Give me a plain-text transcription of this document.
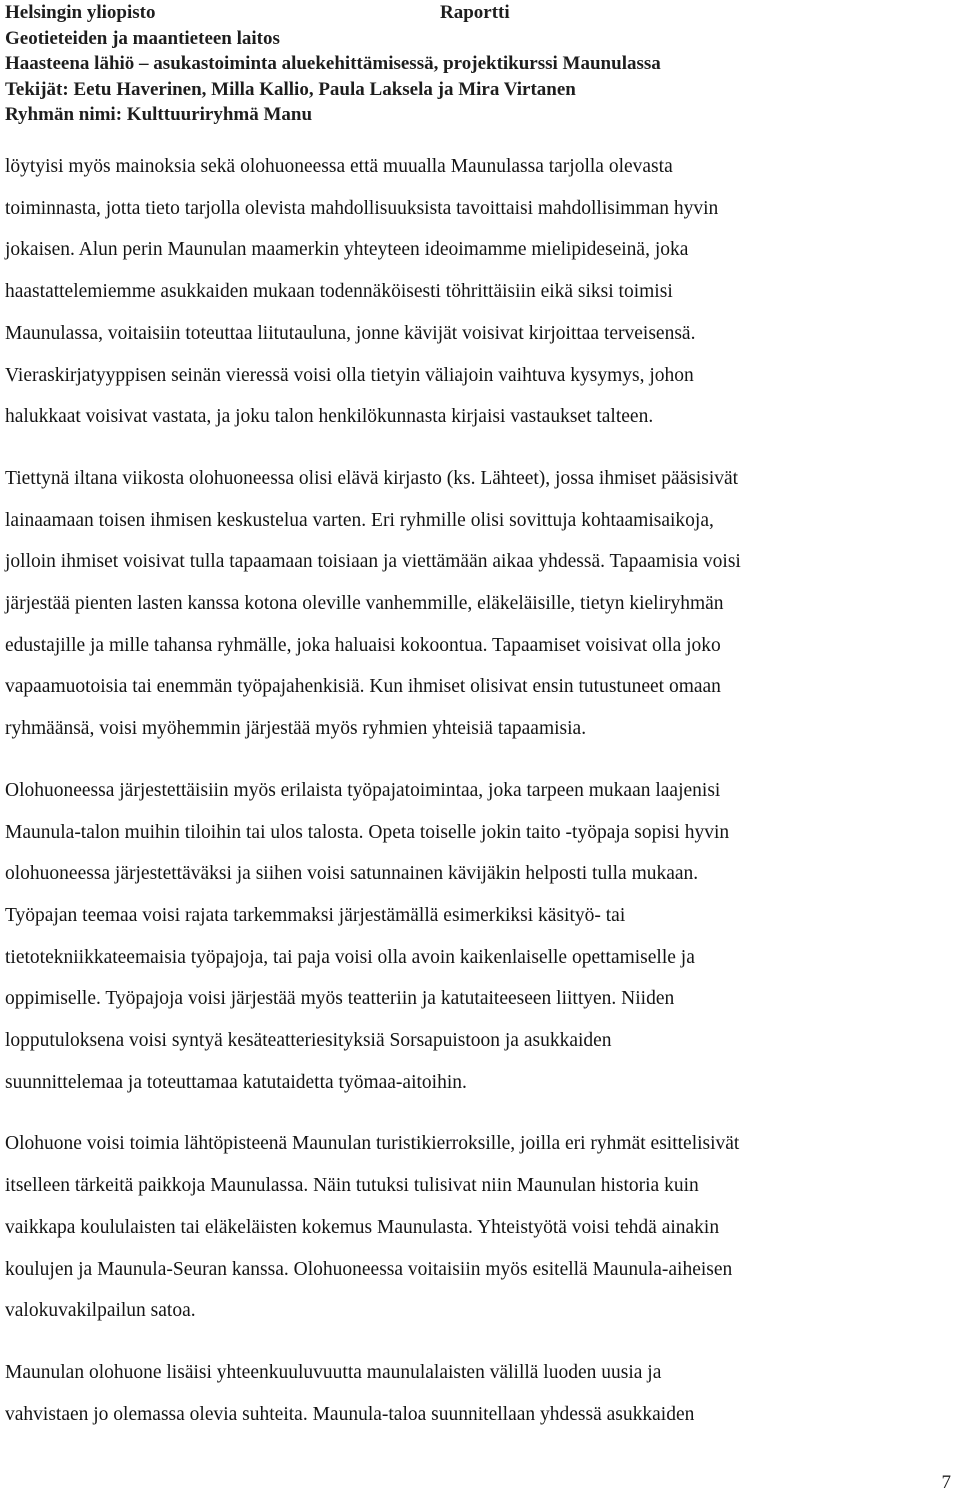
Helsingin yliopisto	Raportti
Geotieteiden ja maantieteen laitos
Haasteena lähiö – asukastoiminta aluekehittämisessä, projektikurssi Maunulassa
Tekijät: Eetu Haverinen, Milla Kallio, Paula Laksela ja Mira Virtanen
Ryhmän nimi: Kulttuuriryhmä Manu

löytyisi myös mainoksia sekä olohuoneessa että muualla Maunulassa tarjolla olevasta
toiminnasta, jotta tieto tarjolla olevista mahdollisuuksista tavoittaisi mahdollisimman hyvin
jokaisen. Alun perin Maunulan maamerkin yhteyteen ideoimamme mielipideseinä, joka
haastattelemiemme asukkaiden mukaan todennäköisesti töhrittäisiin eikä siksi toimisi
Maunulassa, voitaisiin toteuttaa liitutauluna, jonne kävijät voisivat kirjoittaa terveisensä.
Vieraskirjatyyppisen seinän vieressä voisi olla tietyin väliajoin vaihtuva kysymys, johon
halukkaat voisivat vastata, ja joku talon henkilökunnasta kirjaisi vastaukset talteen.

Tiettynä iltana viikosta olohuoneessa olisi elävä kirjasto (ks. Lähteet), jossa ihmiset pääsisivät
lainaamaan toisen ihmisen keskustelua varten. Eri ryhmille olisi sovittuja kohtaamisaikoja,
jolloin ihmiset voisivat tulla tapaamaan toisiaan ja viettämään aikaa yhdessä. Tapaamisia voisi
järjestää pienten lasten kanssa kotona oleville vanhemmille, eläkeläisille, tietyn kieliryhmän
edustajille ja mille tahansa ryhmälle, joka haluaisi kokoontua. Tapaamiset voisivat olla joko
vapaamuotoisia tai enemmän työpajahenkisiä. Kun ihmiset olisivat ensin tutustuneet omaan
ryhmäänsä, voisi myöhemmin järjestää myös ryhmien yhteisiä tapaamisia.

Olohuoneessa järjestettäisiin myös erilaista työpajatoimintaa, joka tarpeen mukaan laajenisi
Maunula-talon muihin tiloihin tai ulos talosta. Opeta toiselle jokin taito -työpaja sopisi hyvin
olohuoneessa järjestettäväksi ja siihen voisi satunnainen kävijäkin helposti tulla mukaan.
Työpajan teemaa voisi rajata tarkemmaksi järjestämällä esimerkiksi käsityö- tai
tietotekniikkateemaisia työpajoja, tai paja voisi olla avoin kaikenlaiselle opettamiselle ja
oppimiselle. Työpajoja voisi järjestää myös teatteriin ja katutaiteeseen liittyen. Niiden
lopputuloksena voisi syntyä kesäteatteriesityksiä Sorsapuistoon ja asukkaiden
suunnittelemaa ja toteuttamaa katutaidetta työmaa-aitoihin.

Olohuone voisi toimia lähtöpisteenä Maunulan turistikierroksille, joilla eri ryhmät esittelisivät
itselleen tärkeitä paikkoja Maunulassa. Näin tutuksi tulisivat niin Maunulan historia kuin
vaikkapa koululaisten tai eläkeläisten kokemus Maunulasta. Yhteistyötä voisi tehdä ainakin
koulujen ja Maunula-Seuran kanssa. Olohuoneessa voitaisiin myös esitellä Maunula-aiheisen
valokuvakilpailun satoa.

Maunulan olohuone lisäisi yhteenkuuluvuutta maunulalaisten välillä luoden uusia ja
vahvistaen jo olemassa olevia suhteita. Maunula-taloa suunnitellaan yhdessä asukkaiden

7
